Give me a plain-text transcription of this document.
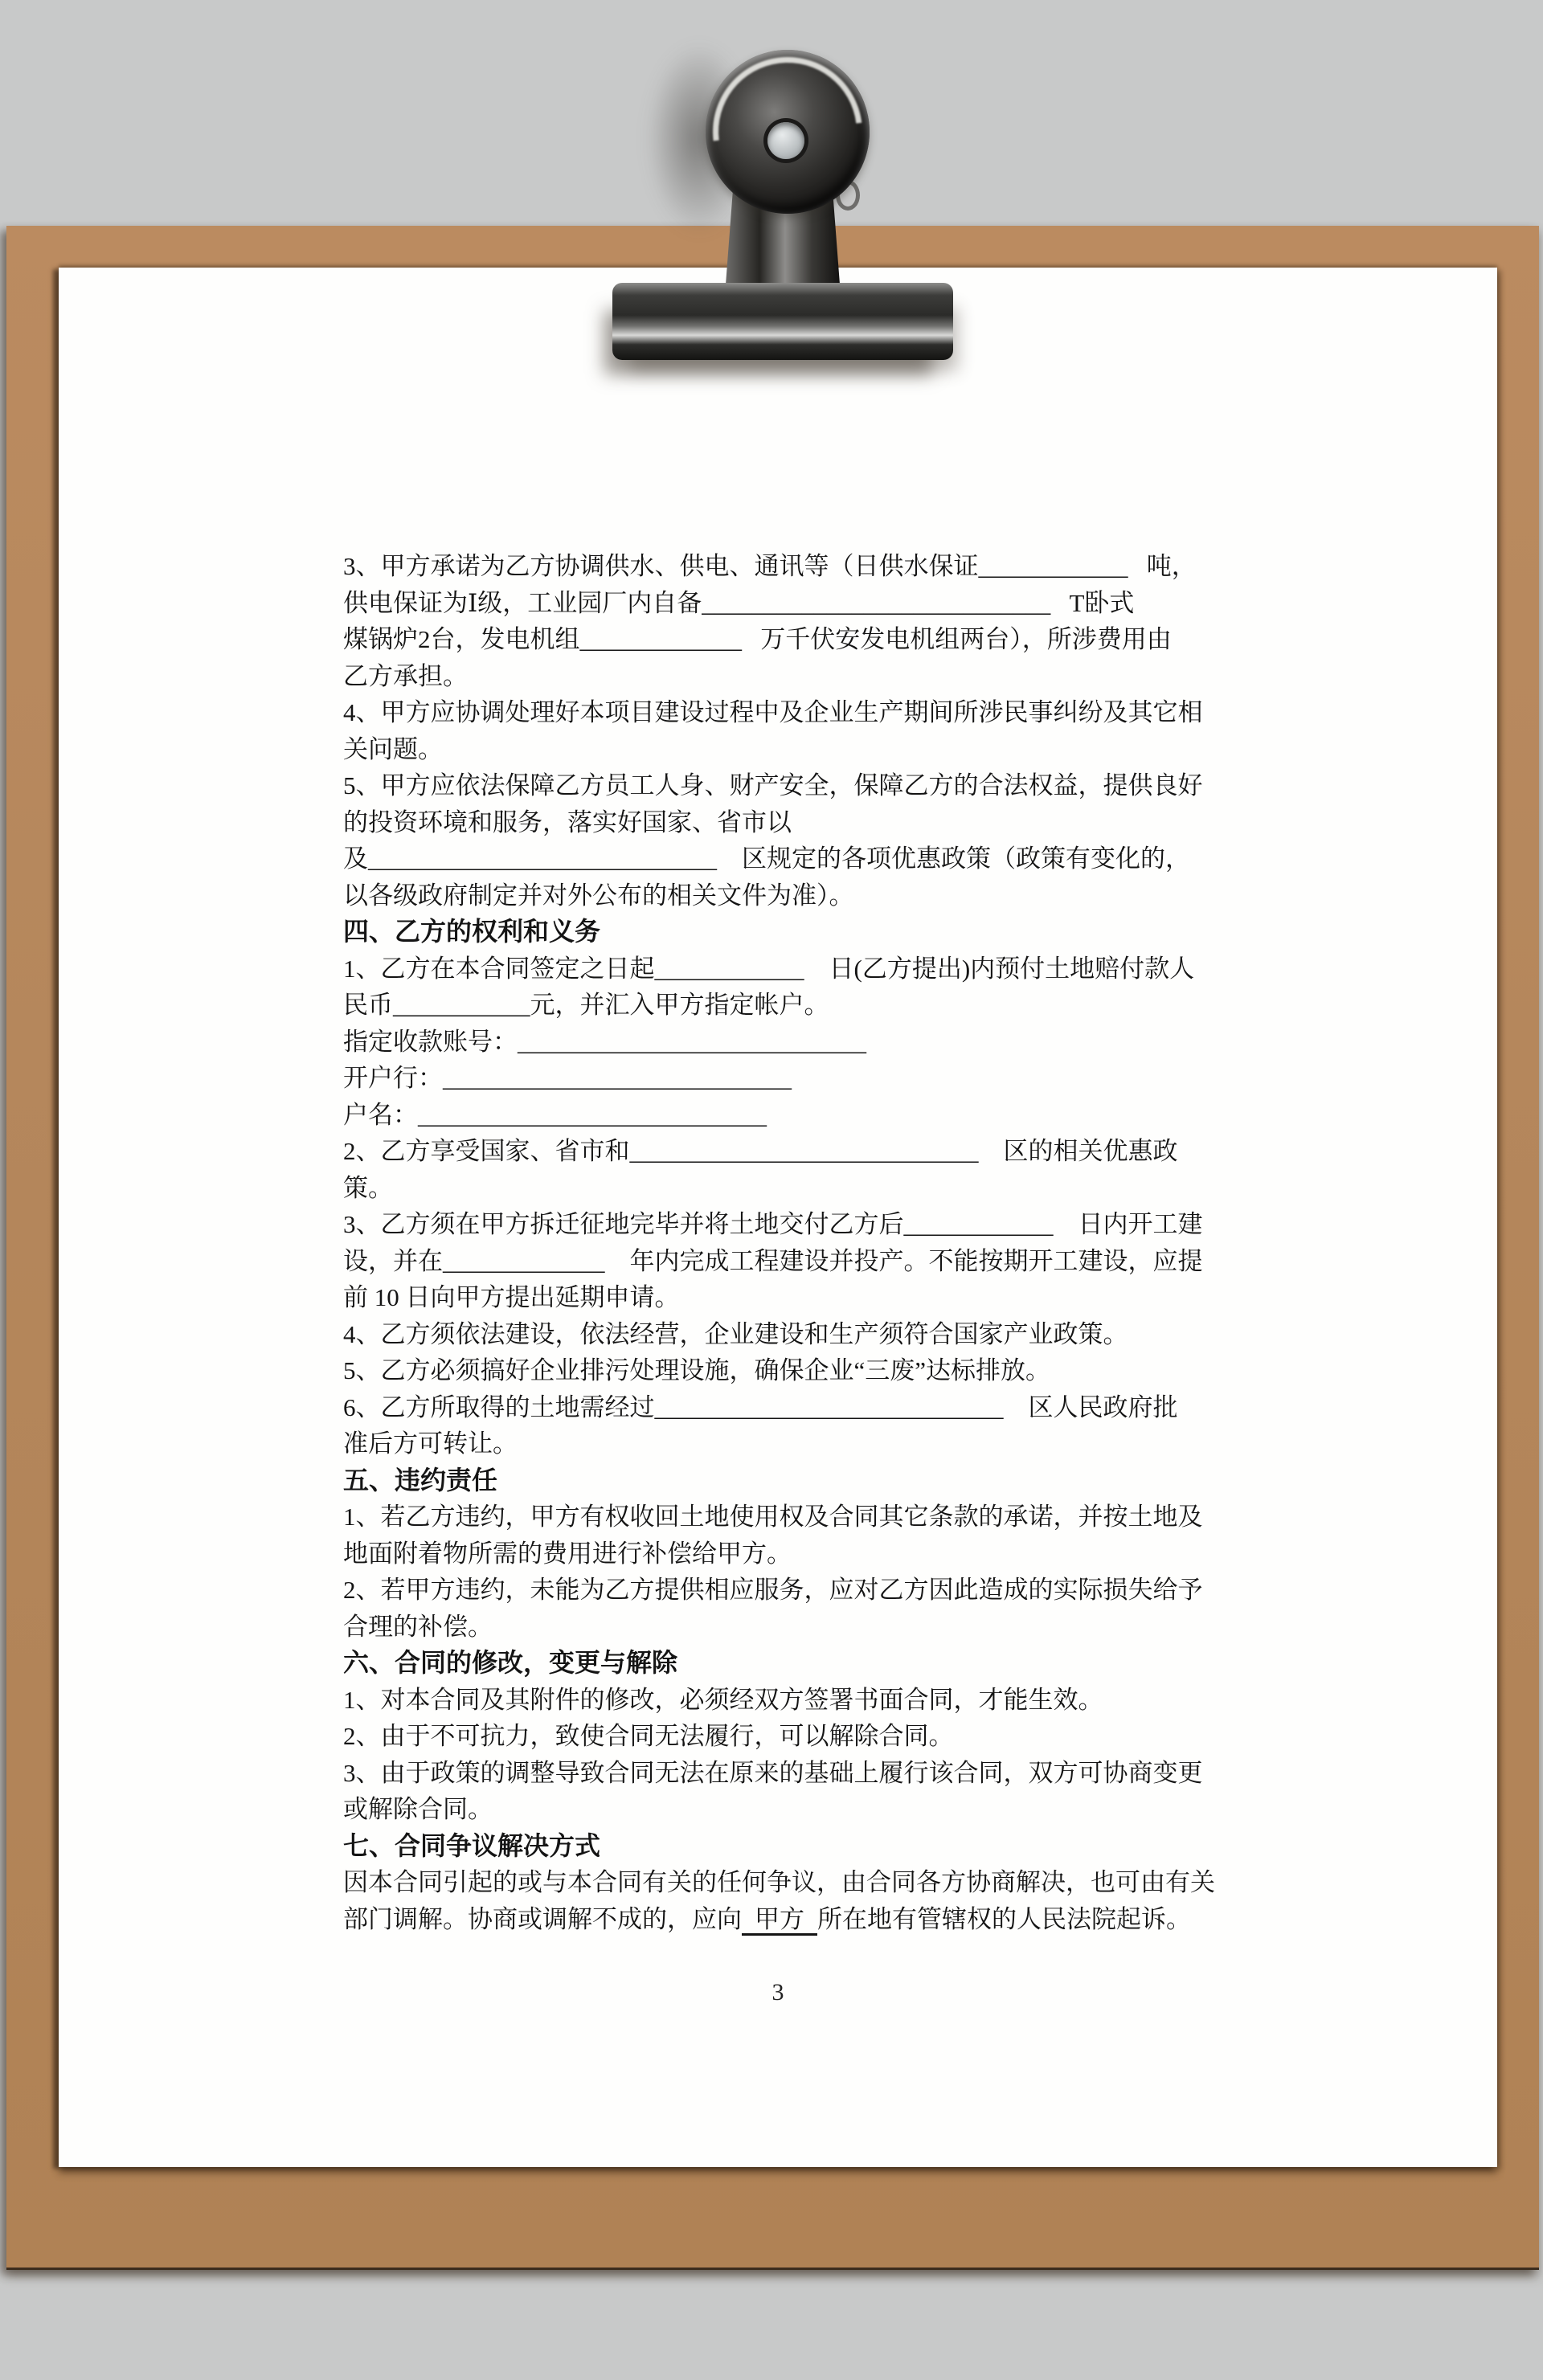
3、甲方承诺为乙方协调供水、供电、通讯等（日供水保证____________   吨，
供电保证为Ⅰ级，工业园厂内自备____________________________   T卧式
煤锅炉2台，发电机组_____________   万千伏安发电机组两台），所涉费用由
乙方承担。
4、甲方应协调处理好本项目建设过程中及企业生产期间所涉民事纠纷及其它相
关问题。
5、甲方应依法保障乙方员工人身、财产安全，保障乙方的合法权益，提供良好
的投资环境和服务，落实好国家、省市以
及____________________________    区规定的各项优惠政策（政策有变化的，
以各级政府制定并对外公布的相关文件为准）。
四、乙方的权利和义务
1、乙方在本合同签定之日起____________    日(乙方提出)内预付土地赔付款人
民币___________元，并汇入甲方指定帐户。
指定收款账号：____________________________
开户行：____________________________
户名：____________________________
2、乙方享受国家、省市和____________________________    区的相关优惠政
策。
3、乙方须在甲方拆迁征地完毕并将土地交付乙方后____________    日内开工建
设，并在_____________    年内完成工程建设并投产。不能按期开工建设，应提
前 10 日向甲方提出延期申请。
4、乙方须依法建设，依法经营，企业建设和生产须符合国家产业政策。
5、乙方必须搞好企业排污处理设施，确保企业“三废”达标排放。
6、乙方所取得的土地需经过____________________________    区人民政府批
准后方可转让。
五、违约责任
1、若乙方违约，甲方有权收回土地使用权及合同其它条款的承诺，并按土地及
地面附着物所需的费用进行补偿给甲方。
2、若甲方违约，未能为乙方提供相应服务，应对乙方因此造成的实际损失给予
合理的补偿。
六、合同的修改，变更与解除
1、对本合同及其附件的修改，必须经双方签署书面合同，才能生效。
2、由于不可抗力，致使合同无法履行，可以解除合同。
3、由于政策的调整导致合同无法在原来的基础上履行该合同，双方可协商变更
或解除合同。
七、合同争议解决方式
因本合同引起的或与本合同有关的任何争议，由合同各方协商解决，也可由有关
部门调解。协商或调解不成的，应向 甲方 所在地有管辖权的人民法院起诉。
3
